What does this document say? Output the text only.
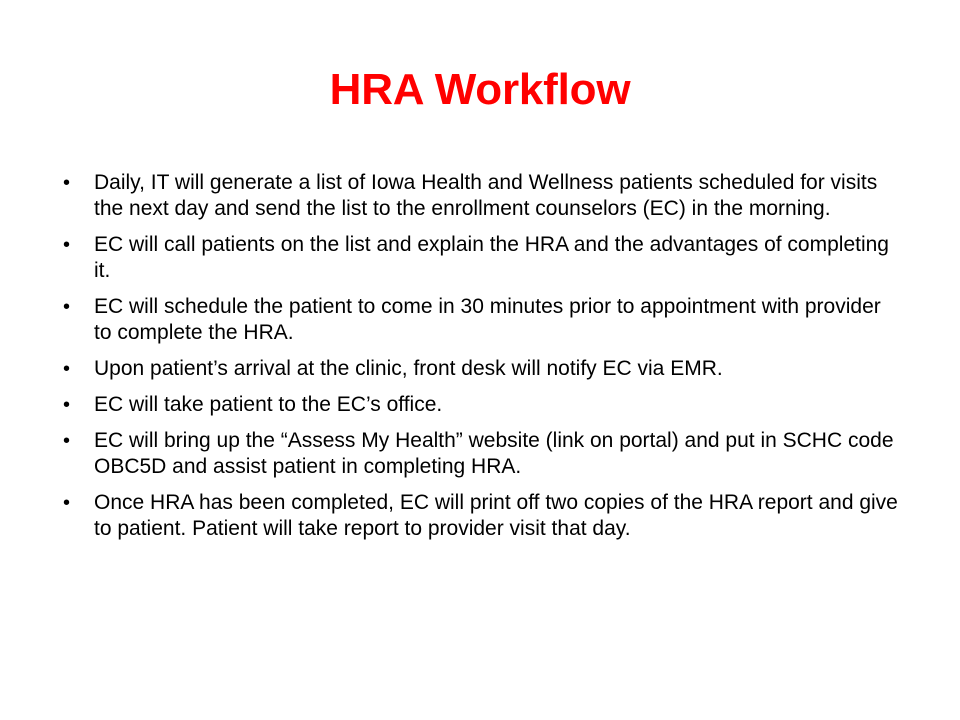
HRA Workflow
•	Daily, IT will generate a list of Iowa Health and Wellness patients scheduled for visits the next day and send the list to the enrollment counselors (EC) in the morning.
•	EC will call patients on the list and explain the HRA and the advantages of completing it.
•	EC will schedule the patient to come in 30 minutes prior to appointment with provider to complete the HRA.
•	Upon patient’s arrival at the clinic, front desk will notify EC via EMR.
•	EC will take patient to the EC’s office.
•	EC will bring up the “Assess My Health” website (link on portal) and put in SCHC code OBC5D and assist patient in completing HRA.
•	Once HRA has been completed, EC will print off two copies of the HRA report and give to patient. Patient will take report to provider visit that day.
